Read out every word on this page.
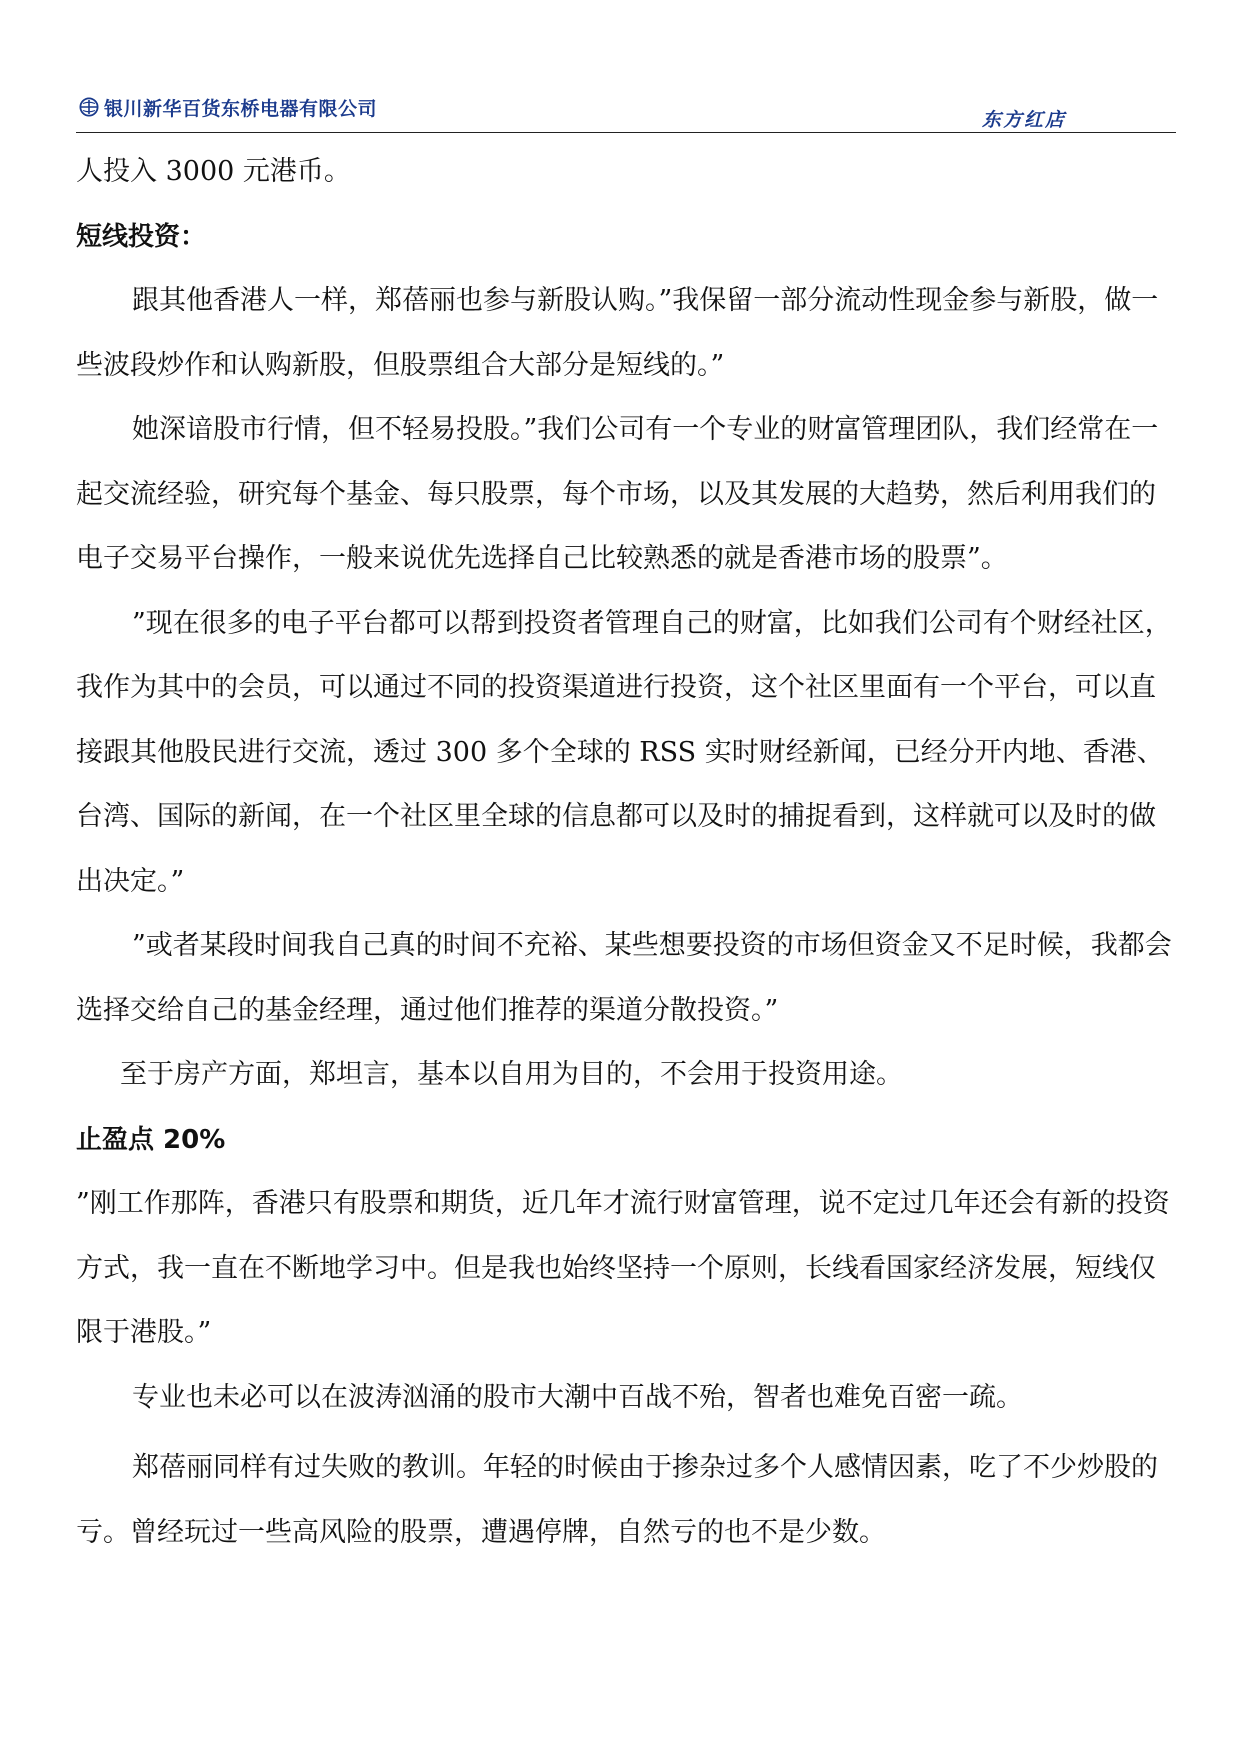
银川新华百货东桥电器有限公司	东方红店

人投入 3000 元港币。

短线投资：

跟其他香港人一样，郑蓓丽也参与新股认购。”我保留一部分流动性现金参与新股，做一些波段炒作和认购新股，但股票组合大部分是短线的。”

她深谙股市行情，但不轻易投股。”我们公司有一个专业的财富管理团队，我们经常在一起交流经验，研究每个基金、每只股票，每个市场，以及其发展的大趋势，然后利用我们的电子交易平台操作，一般来说优先选择自己比较熟悉的就是香港市场的股票”。

”现在很多的电子平台都可以帮到投资者管理自己的财富，比如我们公司有个财经社区，我作为其中的会员，可以通过不同的投资渠道进行投资，这个社区里面有一个平台，可以直接跟其他股民进行交流，透过 300 多个全球的 RSS 实时财经新闻，已经分开内地、香港、台湾、国际的新闻，在一个社区里全球的信息都可以及时的捕捉看到，这样就可以及时的做出决定。”

”或者某段时间我自己真的时间不充裕、某些想要投资的市场但资金又不足时候，我都会选择交给自己的基金经理，通过他们推荐的渠道分散投资。”

至于房产方面，郑坦言，基本以自用为目的，不会用于投资用途。

止盈点 20%

”刚工作那阵，香港只有股票和期货，近几年才流行财富管理，说不定过几年还会有新的投资方式，我一直在不断地学习中。但是我也始终坚持一个原则，长线看国家经济发展，短线仅限于港股。”

专业也未必可以在波涛汹涌的股市大潮中百战不殆，智者也难免百密一疏。

郑蓓丽同样有过失败的教训。年轻的时候由于掺杂过多个人感情因素，吃了不少炒股的亏。曾经玩过一些高风险的股票，遭遇停牌，自然亏的也不是少数。
